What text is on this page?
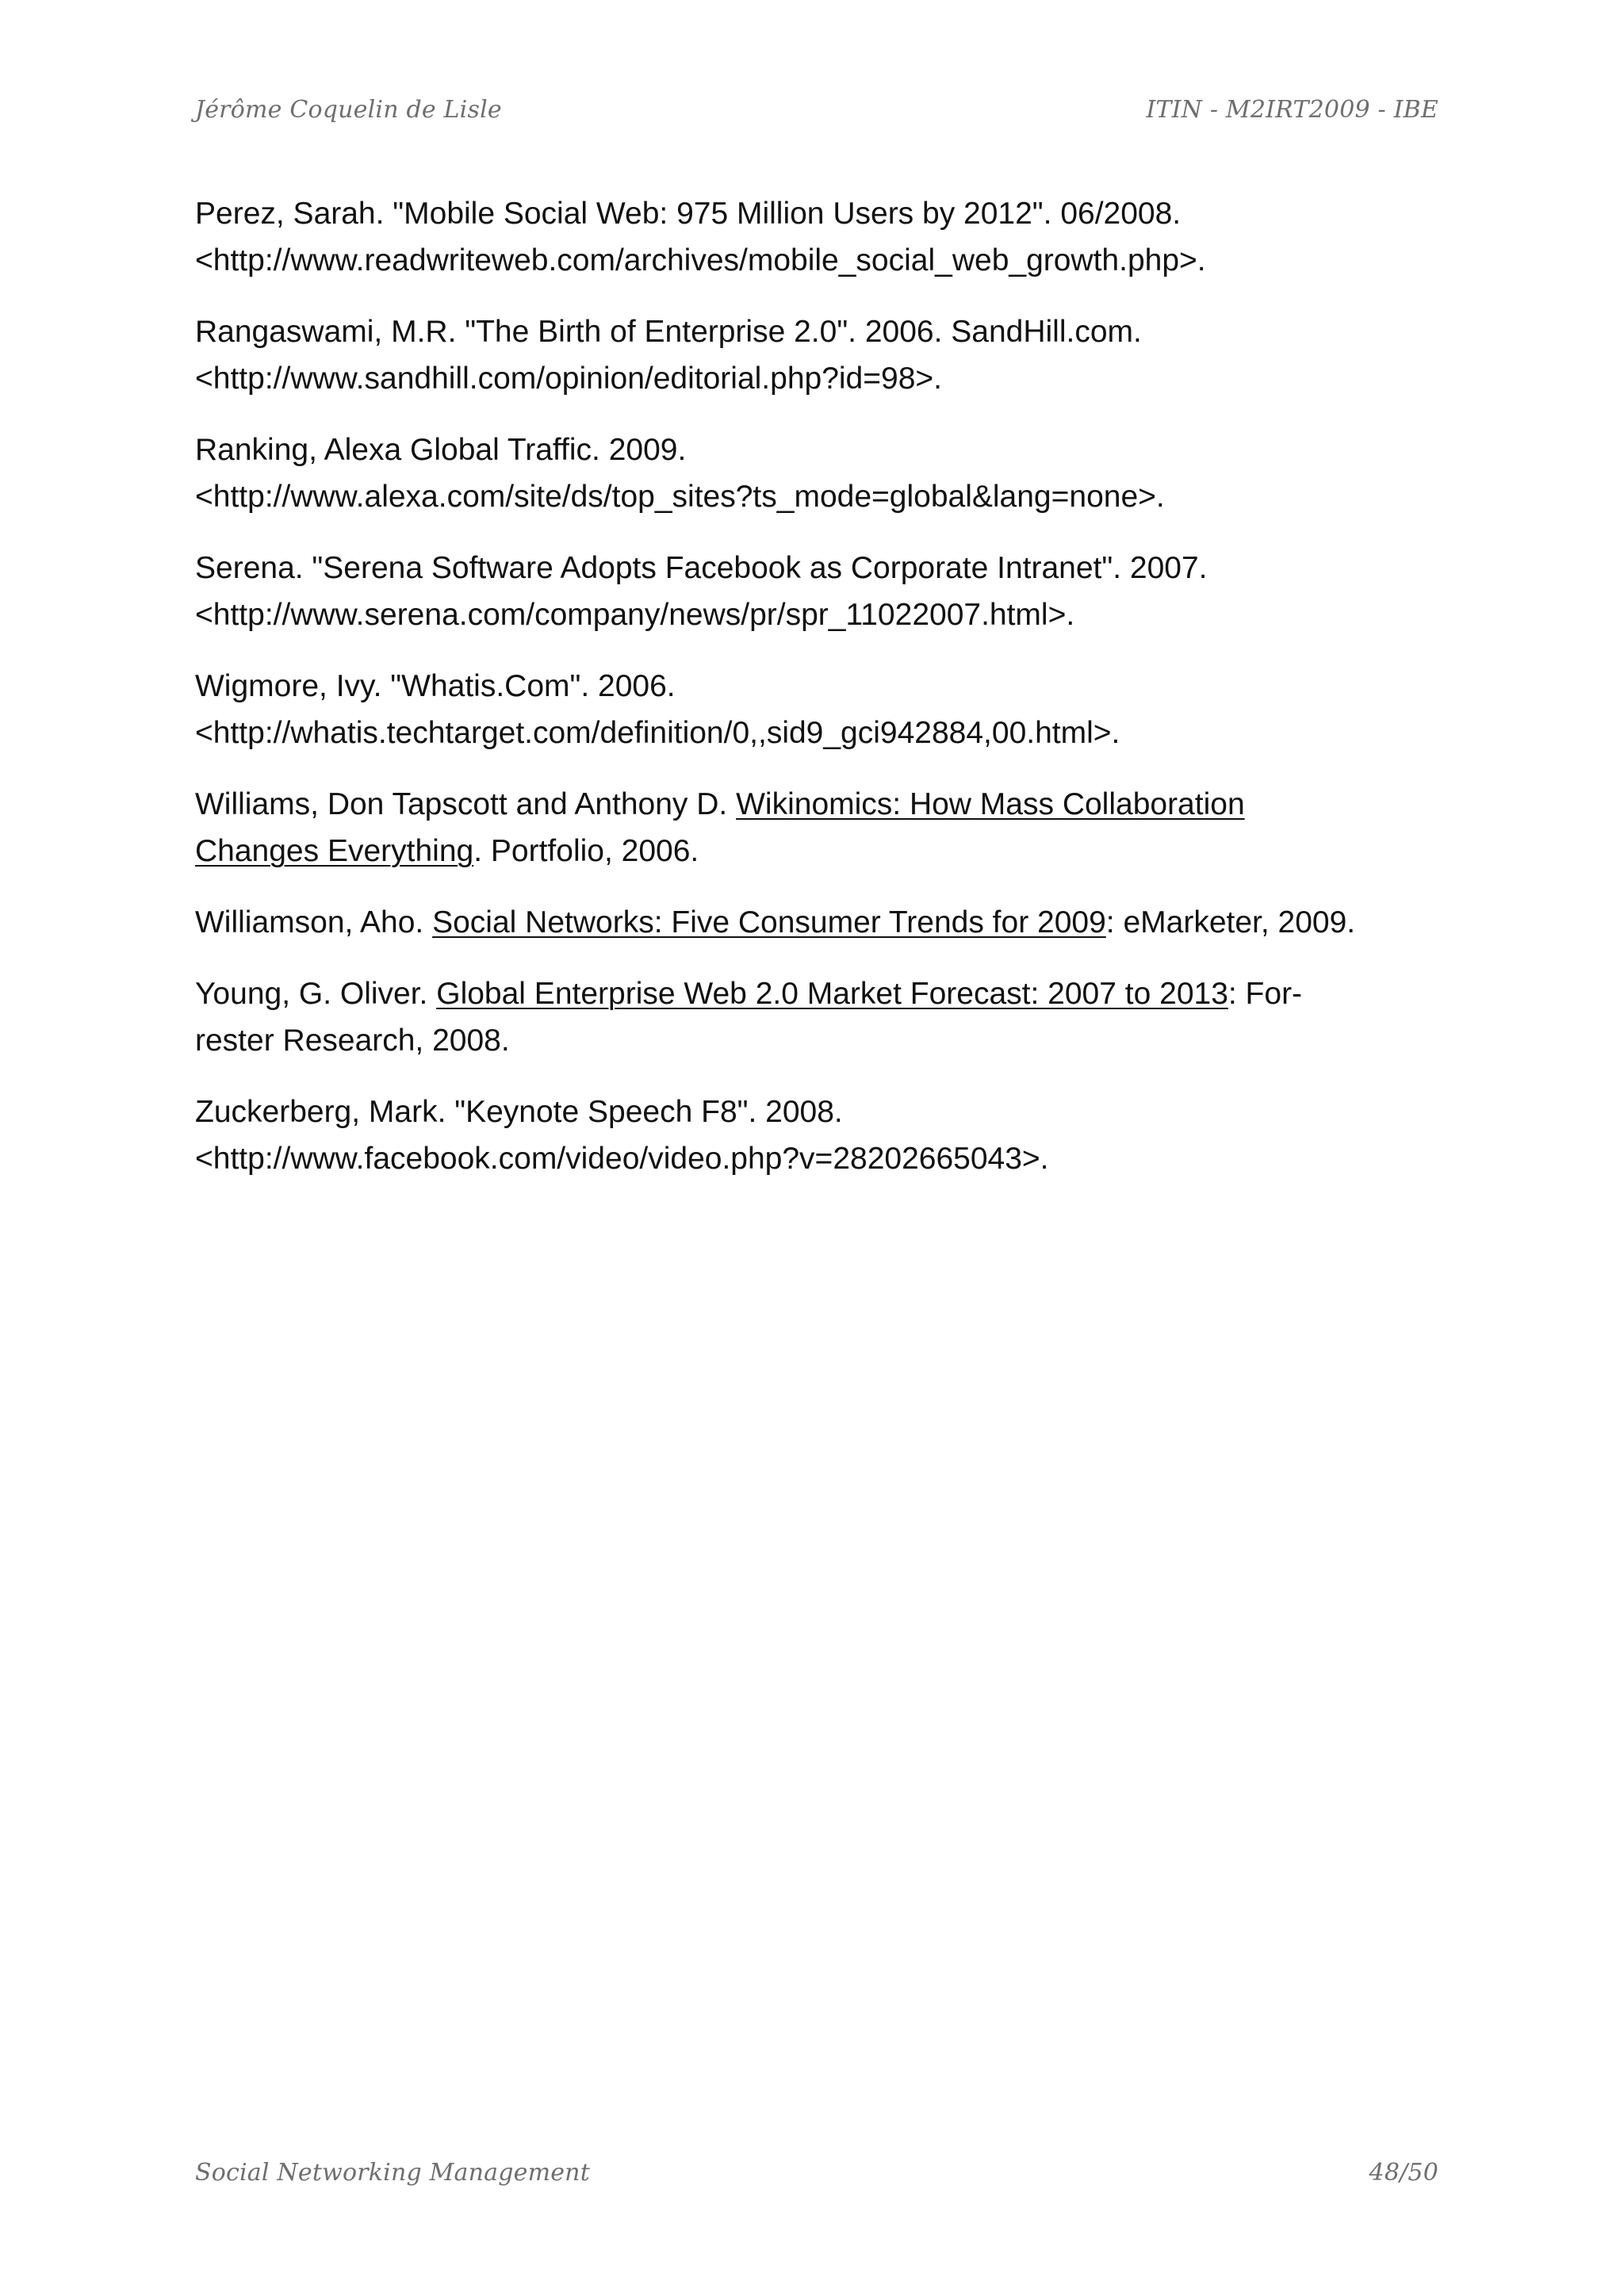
Jérôme Coquelin de Lisle	ITIN - M2IRT2009 - IBE
Perez, Sarah. "Mobile Social Web: 975 Million Users by 2012". 06/2008.
<http://www.readwriteweb.com/archives/mobile_social_web_growth.php>.
Rangaswami, M.R. "The Birth of Enterprise 2.0". 2006. SandHill.com.
<http://www.sandhill.com/opinion/editorial.php?id=98>.
Ranking, Alexa Global Traffic. 2009.
<http://www.alexa.com/site/ds/top_sites?ts_mode=global&lang=none>.
Serena. "Serena Software Adopts Facebook as Corporate Intranet". 2007.
<http://www.serena.com/company/news/pr/spr_11022007.html>.
Wigmore, Ivy. "Whatis.Com". 2006.
<http://whatis.techtarget.com/definition/0,,sid9_gci942884,00.html>.
Williams, Don Tapscott and Anthony D. Wikinomics: How Mass Collaboration
Changes Everything. Portfolio, 2006.
Williamson, Aho. Social Networks: Five Consumer Trends for 2009: eMarketer, 2009.
Young, G. Oliver. Global Enterprise Web 2.0 Market Forecast: 2007 to 2013: For-
rester Research, 2008.
Zuckerberg, Mark. "Keynote Speech F8". 2008.
<http://www.facebook.com/video/video.php?v=28202665043>.
Social Networking Management	48/50
